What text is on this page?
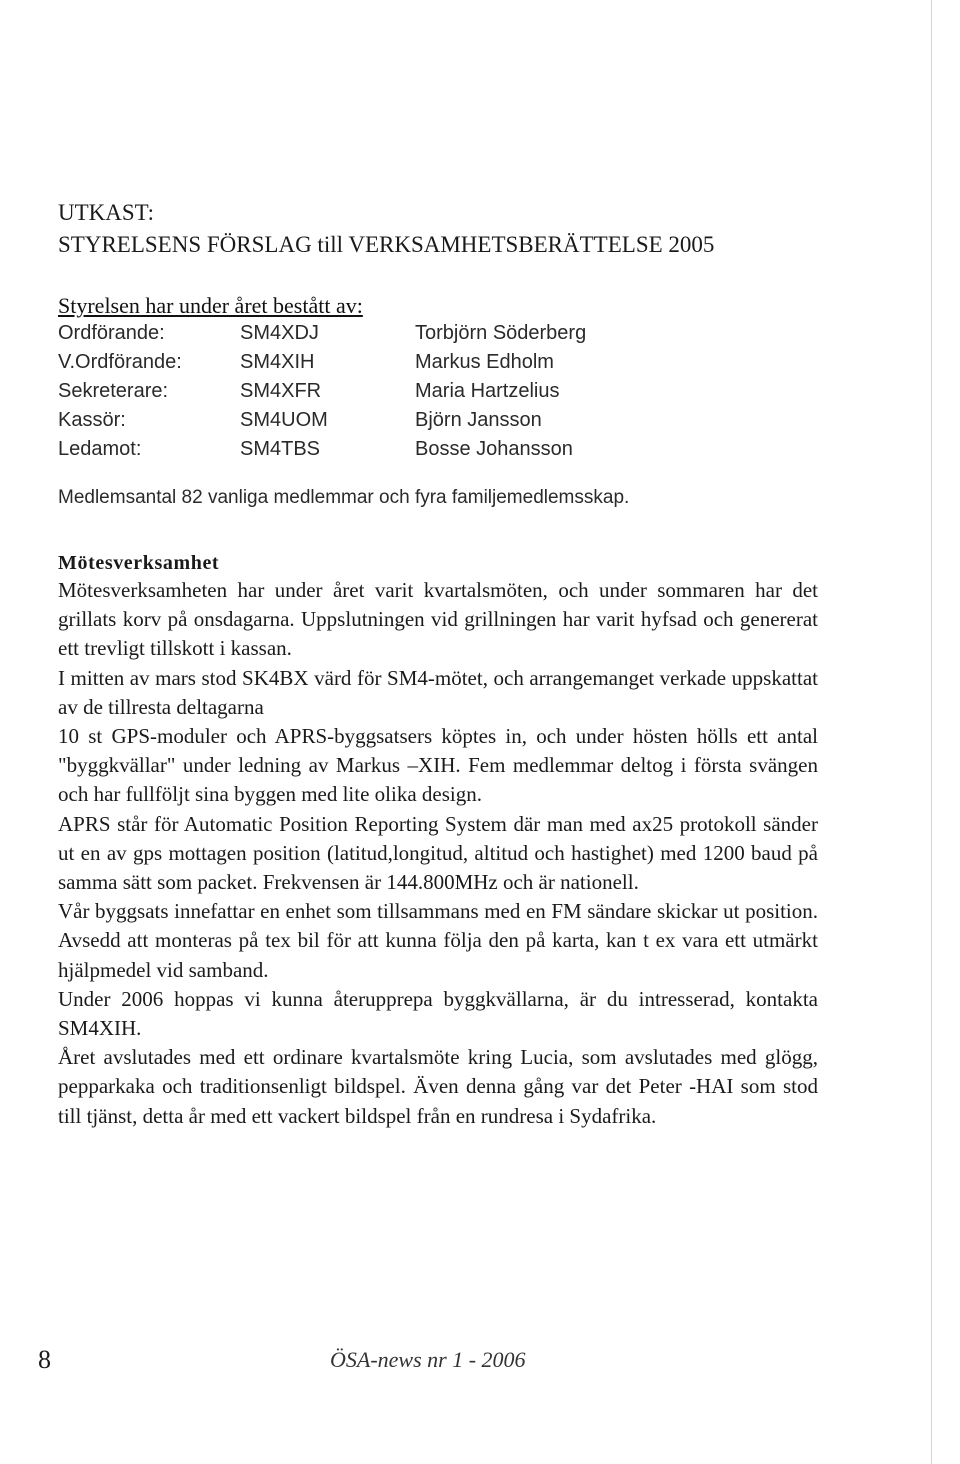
UTKAST:
STYRELSENS FÖRSLAG till VERKSAMHETSBERÄTTELSE 2005
Styrelsen har under året bestått av:
Ordförande:	SM4XDJ	Torbjörn Söderberg
V.Ordförande:	SM4XIH	Markus Edholm
Sekreterare:	SM4XFR	Maria Hartzelius
Kassör:	SM4UOM	Björn Jansson
Ledamot:	SM4TBS	Bosse Johansson
Medlemsantal 82 vanliga medlemmar och fyra familjemedlemsskap.
Mötesverksamhet

Mötesverksamheten har under året varit kvartalsmöten, och under sommaren har det grillats korv på onsdagarna. Uppslutningen vid grillningen har varit hyfsad och genererat ett trevligt tillskott i kassan.

I mitten av mars stod SK4BX värd för SM4-mötet, och arrangemanget verkade uppskattat av de tillresta deltagarna

10 st GPS-moduler och APRS-byggsatsers köptes in, och under hösten hölls ett antal "byggkvällar" under ledning av Markus –XIH. Fem medlemmar deltog i första svängen och har fullföljt sina byggen med lite olika design.

APRS står för Automatic Position Reporting System där man med ax25 protokoll sänder ut en av gps mottagen position (latitud,longitud, altitud och hastighet) med 1200 baud på samma sätt som packet. Frekvensen är 144.800MHz och är nationell.

Vår byggsats innefattar en enhet som tillsammans med en FM sändare skickar ut position. Avsedd att monteras på tex bil för att kunna följa den på karta, kan t ex vara ett utmärkt hjälpmedel vid samband.

Under 2006 hoppas vi kunna återupprepa byggkvällarna, är du intresserad, kontakta SM4XIH.

Året avslutades med ett ordinare kvartalsmöte kring Lucia, som avslutades med glögg, pepparkaka och traditionsenligt bildspel. Även denna gång var det Peter -HAI som stod till tjänst, detta år med ett vackert bildspel från en rundresa i Sydafrika.

8	ÖSA-news nr 1 - 2006
